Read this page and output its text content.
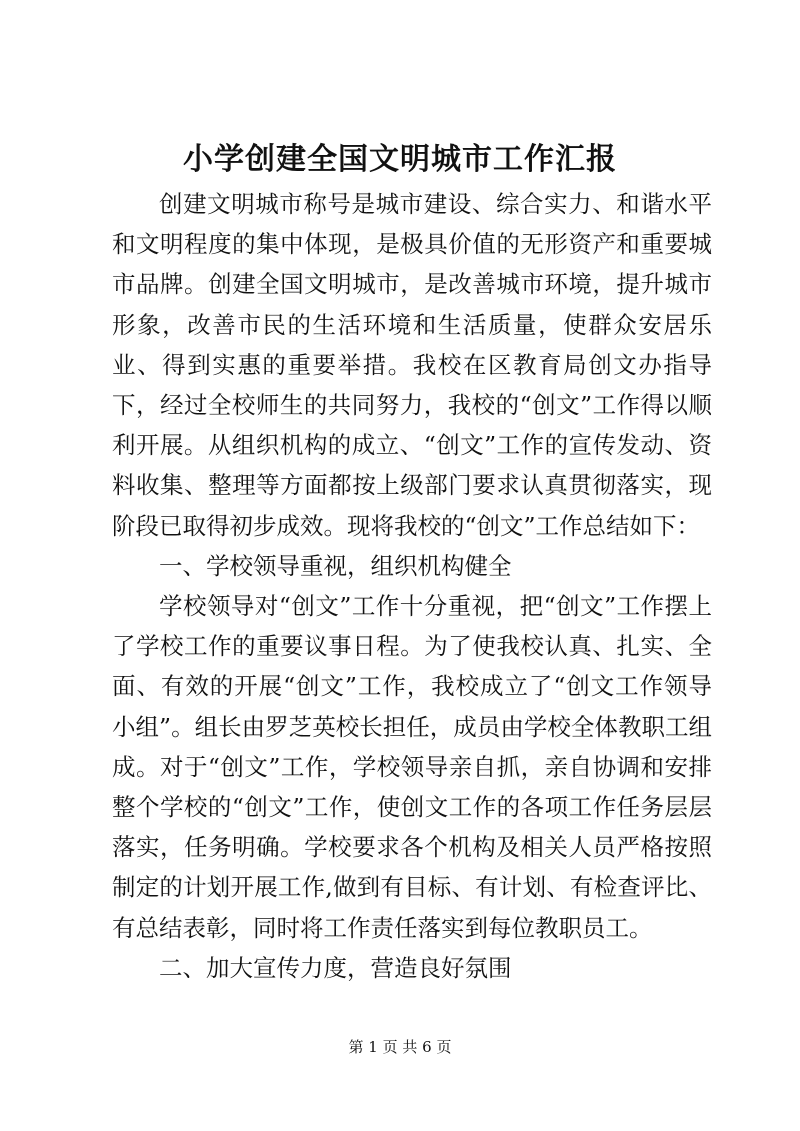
小学创建全国文明城市工作汇报

创建文明城市称号是城市建设、综合实力、和谐水平和文明程度的集中体现，是极具价值的无形资产和重要城市品牌。创建全国文明城市，是改善城市环境，提升城市形象，改善市民的生活环境和生活质量，使群众安居乐业、得到实惠的重要举措。我校在区教育局创文办指导下，经过全校师生的共同努力，我校的“创文”工作得以顺利开展。从组织机构的成立、“创文”工作的宣传发动、资料收集、整理等方面都按上级部门要求认真贯彻落实，现阶段已取得初步成效。现将我校的“创文”工作总结如下：

一、学校领导重视，组织机构健全

学校领导对“创文”工作十分重视，把“创文”工作摆上了学校工作的重要议事日程。为了使我校认真、扎实、全面、有效的开展“创文”工作，我校成立了“创文工作领导小组”。组长由罗芝英校长担任，成员由学校全体教职工组成。对于“创文”工作，学校领导亲自抓，亲自协调和安排整个学校的“创文”工作，使创文工作的各项工作任务层层落实，任务明确。学校要求各个机构及相关人员严格按照制定的计划开展工作,做到有目标、有计划、有检查评比、有总结表彰，同时将工作责任落实到每位教职员工。

二、加大宣传力度，营造良好氛围

第 1 页 共 6 页
